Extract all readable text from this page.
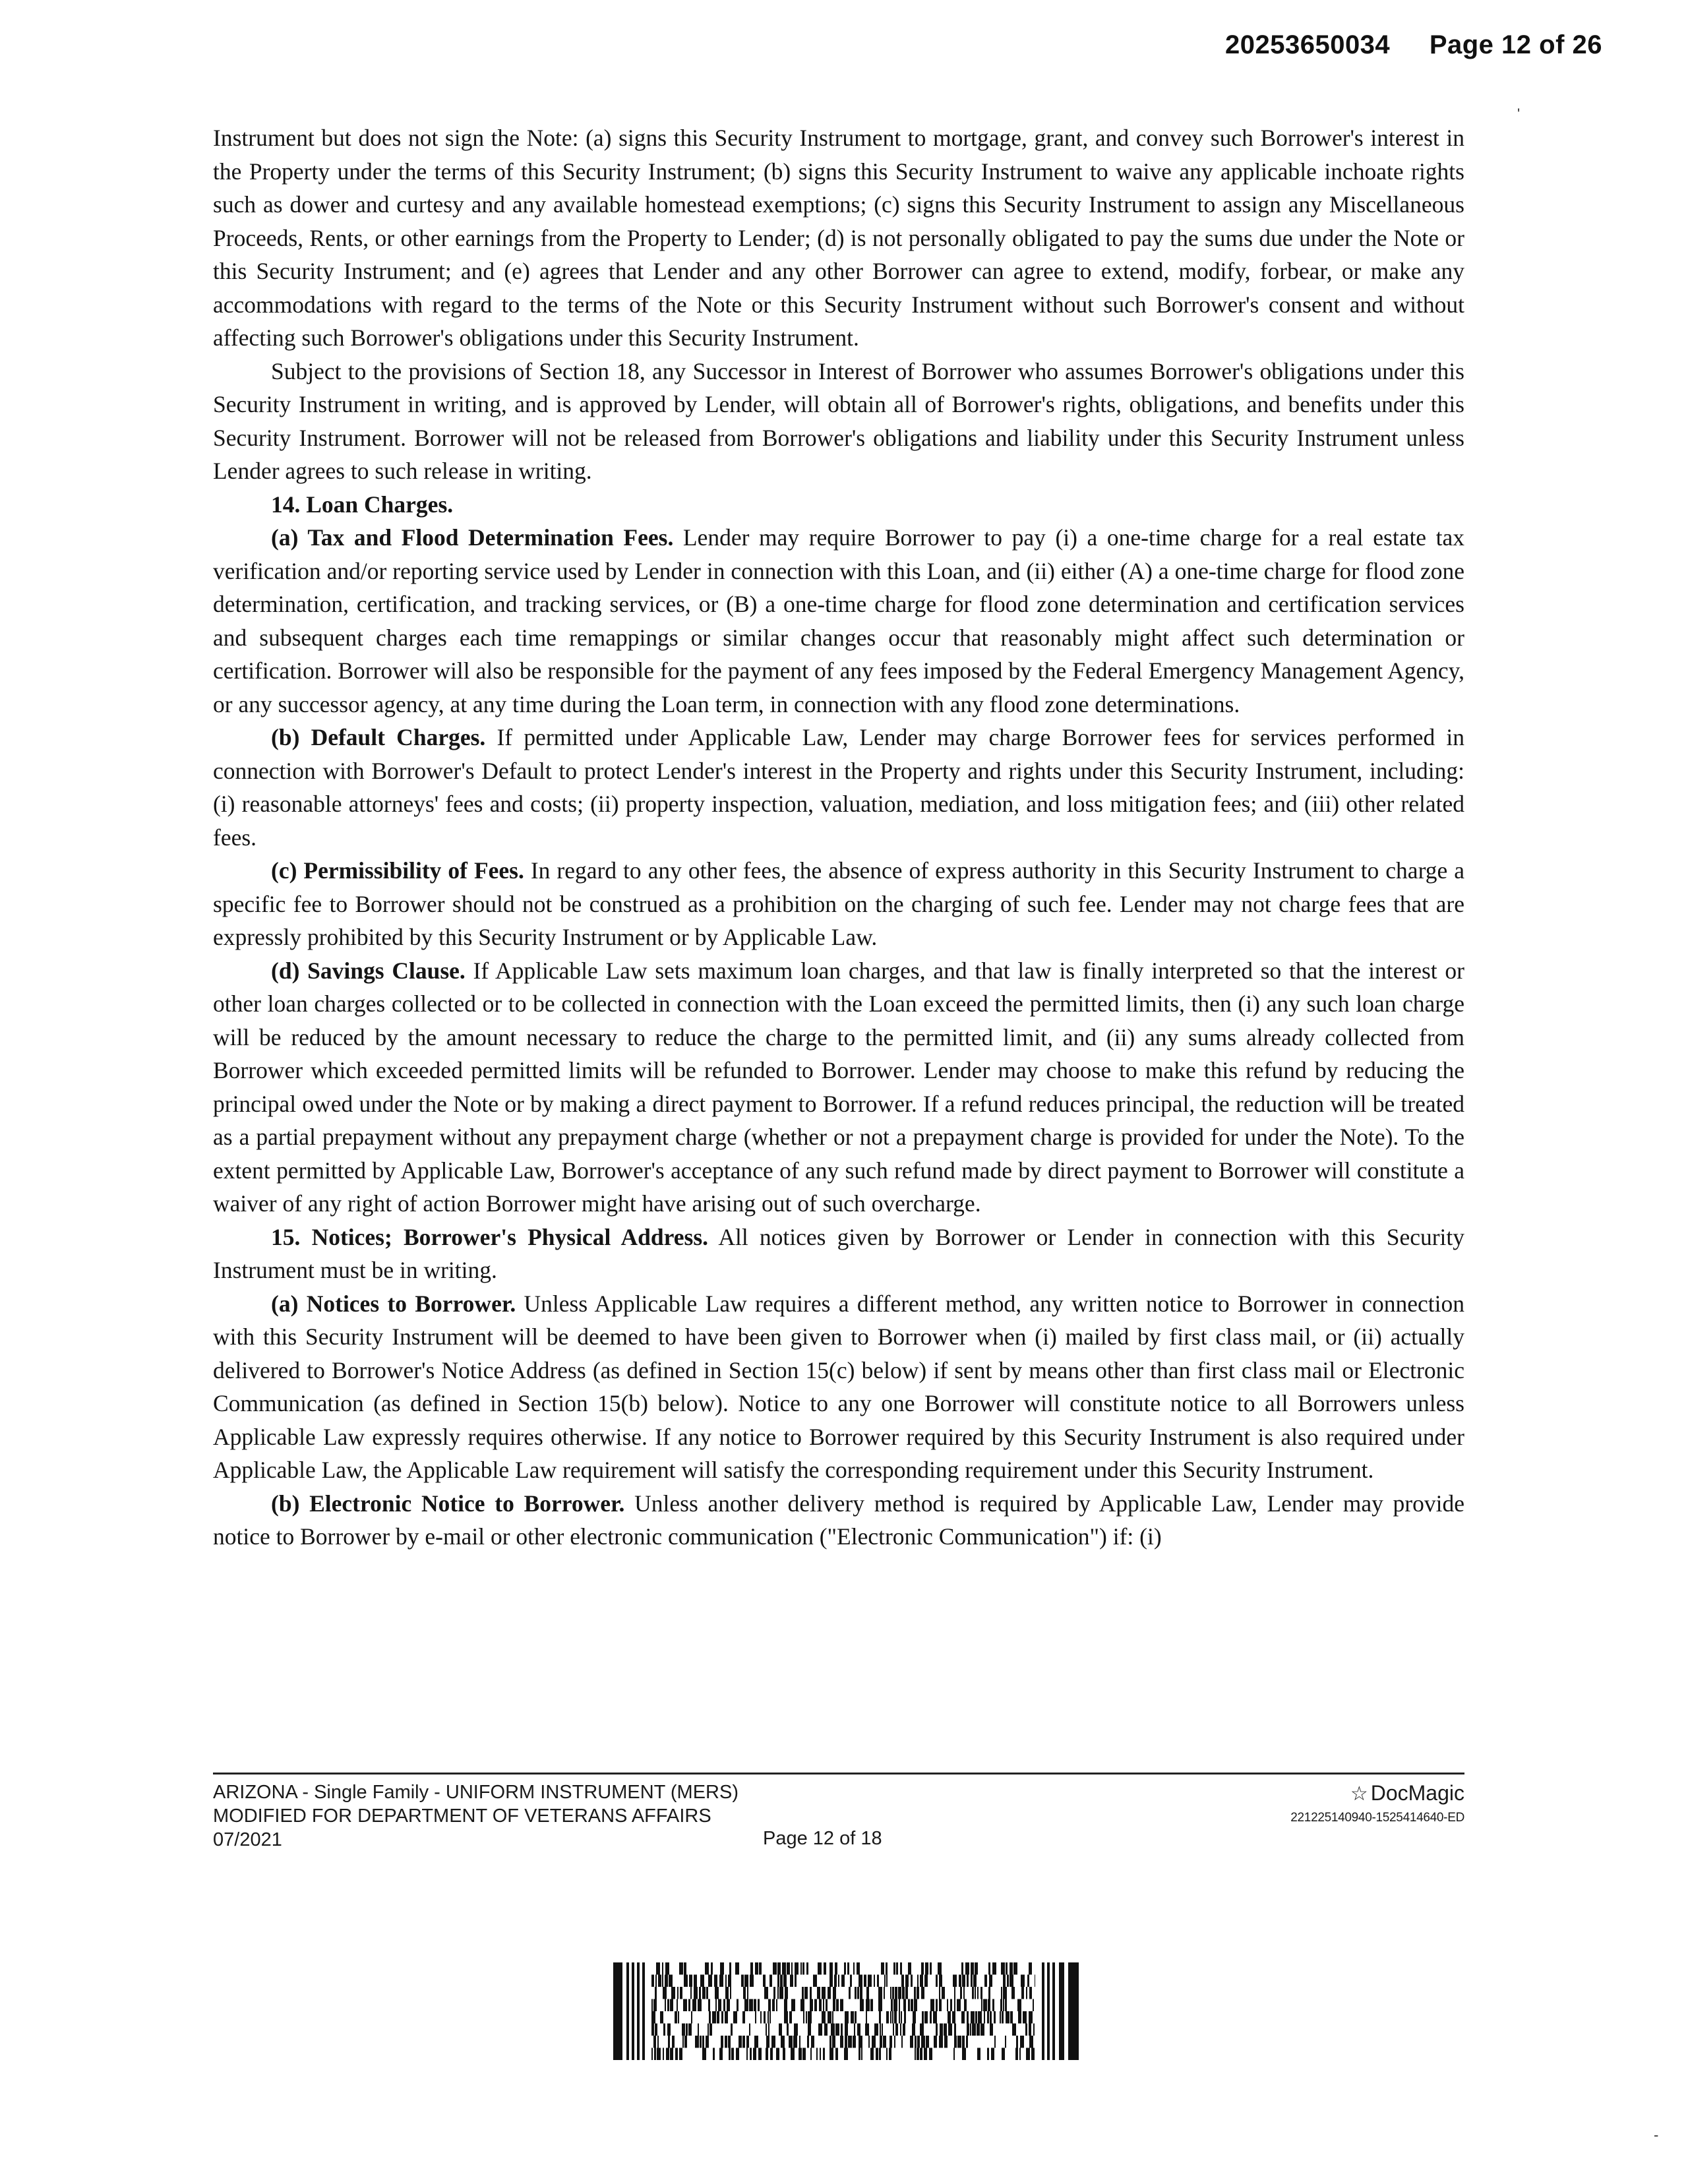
20253650034 Page 12 of 26
'

Instrument but does not sign the Note: (a) signs this Security Instrument to mortgage, grant, and convey such Borrower's interest in the Property under the terms of this Security Instrument; (b) signs this Security Instrument to waive any applicable inchoate rights such as dower and curtesy and any available homestead exemptions; (c) signs this Security Instrument to assign any Miscellaneous Proceeds, Rents, or other earnings from the Property to Lender; (d) is not personally obligated to pay the sums due under the Note or this Security Instrument; and (e) agrees that Lender and any other Borrower can agree to extend, modify, forbear, or make any accommodations with regard to the terms of the Note or this Security Instrument without such Borrower's consent and without affecting such Borrower's obligations under this Security Instrument.

Subject to the provisions of Section 18, any Successor in Interest of Borrower who assumes Borrower's obligations under this Security Instrument in writing, and is approved by Lender, will obtain all of Borrower's rights, obligations, and benefits under this Security Instrument. Borrower will not be released from Borrower's obligations and liability under this Security Instrument unless Lender agrees to such release in writing.

14. Loan Charges.

(a) Tax and Flood Determination Fees. Lender may require Borrower to pay (i) a one-time charge for a real estate tax verification and/or reporting service used by Lender in connection with this Loan, and (ii) either (A) a one-time charge for flood zone determination, certification, and tracking services, or (B) a one-time charge for flood zone determination and certification services and subsequent charges each time remappings or similar changes occur that reasonably might affect such determination or certification. Borrower will also be responsible for the payment of any fees imposed by the Federal Emergency Management Agency, or any successor agency, at any time during the Loan term, in connection with any flood zone determinations.

(b) Default Charges. If permitted under Applicable Law, Lender may charge Borrower fees for services performed in connection with Borrower's Default to protect Lender's interest in the Property and rights under this Security Instrument, including: (i) reasonable attorneys' fees and costs; (ii) property inspection, valuation, mediation, and loss mitigation fees; and (iii) other related fees.

(c) Permissibility of Fees. In regard to any other fees, the absence of express authority in this Security Instrument to charge a specific fee to Borrower should not be construed as a prohibition on the charging of such fee. Lender may not charge fees that are expressly prohibited by this Security Instrument or by Applicable Law.

(d) Savings Clause. If Applicable Law sets maximum loan charges, and that law is finally interpreted so that the interest or other loan charges collected or to be collected in connection with the Loan exceed the permitted limits, then (i) any such loan charge will be reduced by the amount necessary to reduce the charge to the permitted limit, and (ii) any sums already collected from Borrower which exceeded permitted limits will be refunded to Borrower. Lender may choose to make this refund by reducing the principal owed under the Note or by making a direct payment to Borrower. If a refund reduces principal, the reduction will be treated as a partial prepayment without any prepayment charge (whether or not a prepayment charge is provided for under the Note). To the extent permitted by Applicable Law, Borrower's acceptance of any such refund made by direct payment to Borrower will constitute a waiver of any right of action Borrower might have arising out of such overcharge.

15. Notices; Borrower's Physical Address. All notices given by Borrower or Lender in connection with this Security Instrument must be in writing.

(a) Notices to Borrower. Unless Applicable Law requires a different method, any written notice to Borrower in connection with this Security Instrument will be deemed to have been given to Borrower when (i) mailed by first class mail, or (ii) actually delivered to Borrower's Notice Address (as defined in Section 15(c) below) if sent by means other than first class mail or Electronic Communication (as defined in Section 15(b) below). Notice to any one Borrower will constitute notice to all Borrowers unless Applicable Law expressly requires otherwise. If any notice to Borrower required by this Security Instrument is also required under Applicable Law, the Applicable Law requirement will satisfy the corresponding requirement under this Security Instrument.

(b) Electronic Notice to Borrower. Unless another delivery method is required by Applicable Law, Lender may provide notice to Borrower by e-mail or other electronic communication ("Electronic Communication") if: (i)

ARIZONA - Single Family - UNIFORM INSTRUMENT (MERS)
MODIFIED FOR DEPARTMENT OF VETERANS AFFAIRS
07/2021	Page 12 of 18
☆ DocMagic
221225140940-1525414640-ED
-
